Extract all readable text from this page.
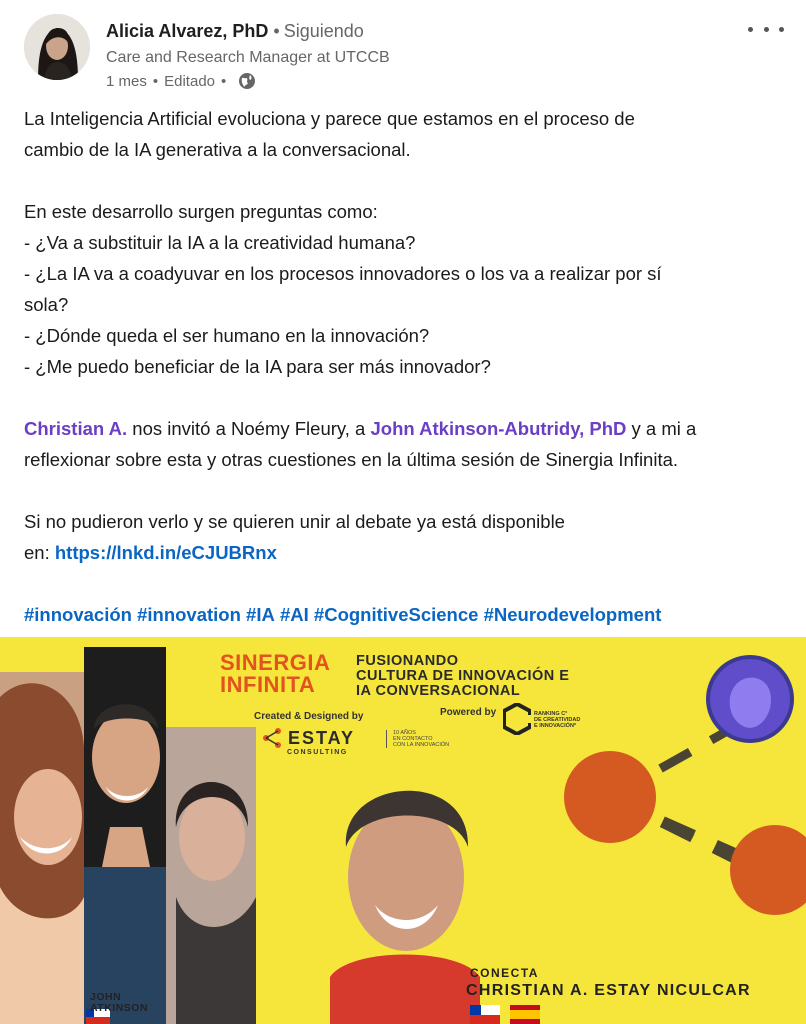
Alicia Alvarez, PhD • Siguiendo
Care and Research Manager at UTCCB
1 mes • Editado •

La Inteligencia Artificial evoluciona y parece que estamos en el proceso de

cambio de la IA generativa a la conversacional.

En este desarrollo surgen preguntas como:

- ¿Va a substituir la IA a la creatividad humana?

- ¿La IA va a coadyuvar en los procesos innovadores o los va a realizar por sí

sola?

- ¿Dónde queda el ser humano en la innovación?

- ¿Me puedo beneficiar de la IA para ser más innovador?

Christian A. nos invitó a Noémy Fleury, a John Atkinson-Abutridy, PhD y a mi a

reflexionar sobre esta y otras cuestiones en la última sesión de Sinergia Infinita.

Si no pudieron verlo y se quieren unir al debate ya está disponible

en: https://lnkd.in/eCJUBRnx

#innovación #innovation #IA #AI #CognitiveScience #Neurodevelopment

SINERGIA
INFINITA
FUSIONANDO
CULTURA DE INNOVACIÓN E
IA CONVERSACIONAL
Created & Designed by
ESTAY
CONSULTING
10 AÑOS
EN CONTACTO
CON LA INNOVACIÓN
Powered by	RANKING C°
DE CREATIVIDAD
E INNOVACIÓN*
CONECTA
CHRISTIAN A. ESTAY NICULCAR
JOHN
ATKINSON
